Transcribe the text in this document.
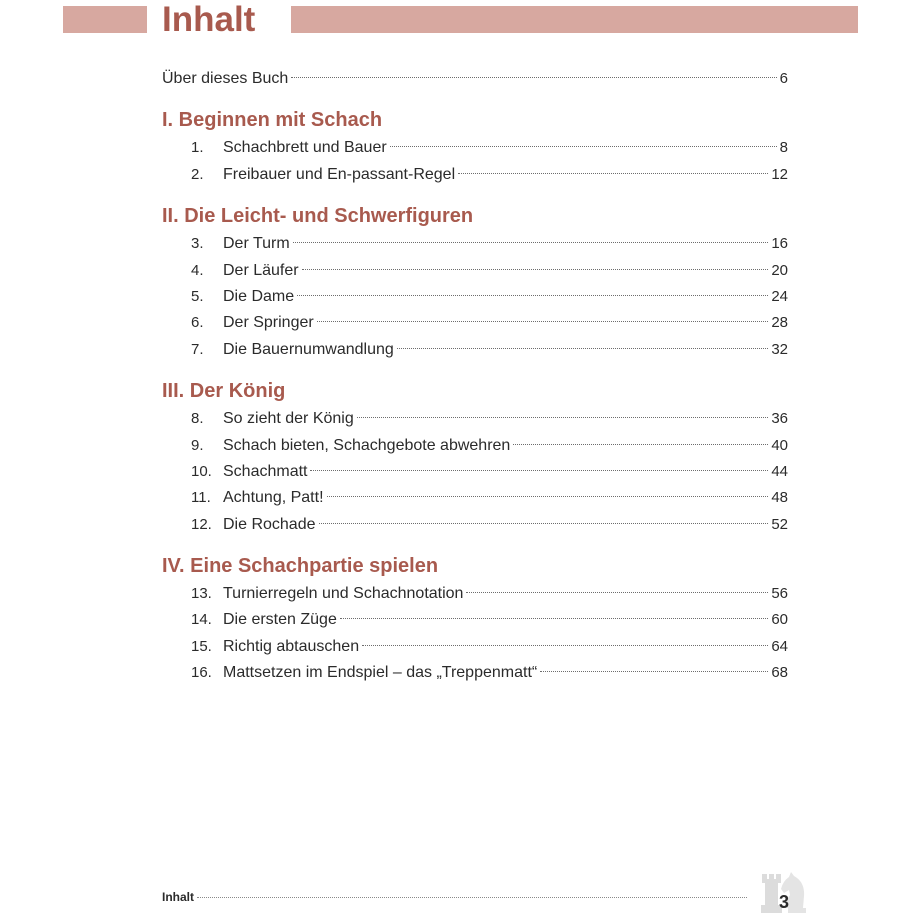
Inhalt
Über dieses Buch	6
I. Beginnen mit Schach
1.	Schachbrett und Bauer	8
2.	Freibauer und En-passant-Regel	12
II. Die Leicht- und Schwerfiguren
3.	Der Turm	16
4.	Der Läufer	20
5.	Die Dame	24
6.	Der Springer	28
7.	Die Bauernumwandlung	32
III. Der König
8.	So zieht der König	36
9.	Schach bieten, Schachgebote abwehren	40
10. Schachmatt	44
11. Achtung, Patt!	48
12. Die Rochade	52
IV. Eine Schachpartie spielen
13. Turnierregeln und Schachnotation	56
14. Die ersten Züge	60
15. Richtig abtauschen	64
16. Mattsetzen im Endspiel – das „Treppenmatt“	68
Inhalt	3
